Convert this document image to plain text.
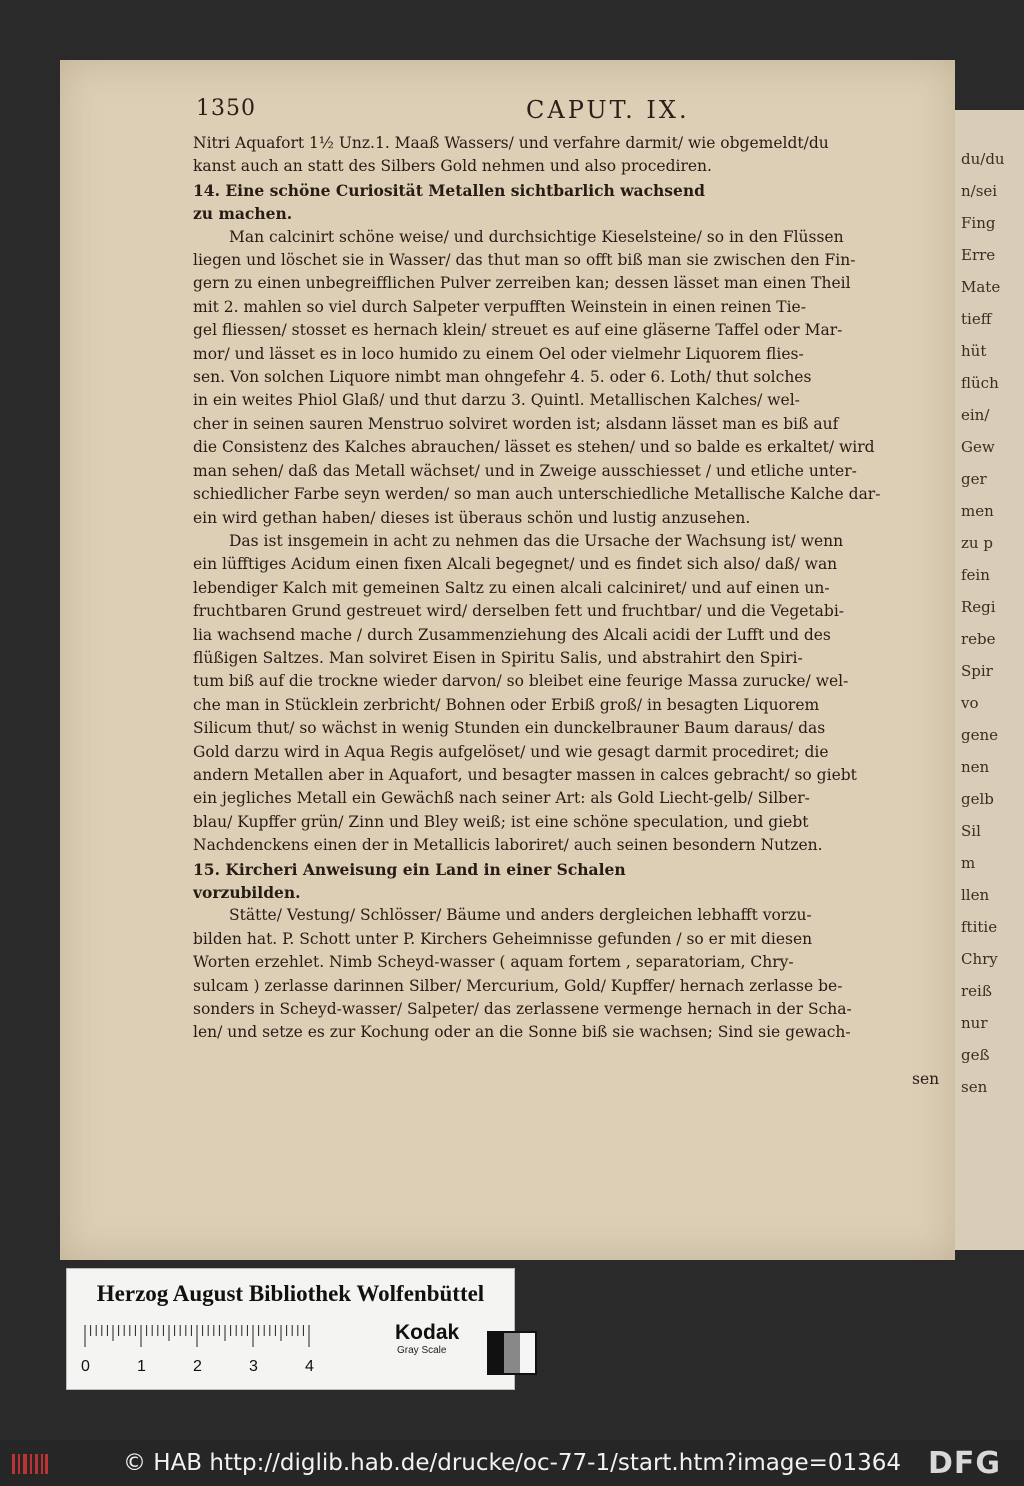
du/du
n/sei
Fing
Erre
Mate
tieff
hüt
flüch
ein/
Gew
ger
men
zu p
fein
Regi
rebe
Spir
vo
gene
nen
gelb
Sil
m
llen
ftitie
Chry
reiß
nur
geß
sen
1350	CAPUT. IX.

Nitri Aquafort 1½ Unz.1. Maaß Wassers/ und verfahre darmit/ wie obgemeldt/du
kanst auch an statt des Silbers Gold nehmen und also procediren.

14. Eine schöne Curiosität Metallen sichtbarlich wachsend
zu machen.

Man calcinirt schöne weise/ und durchsichtige Kieselsteine/ so in den Flüssen
liegen und löschet sie in Wasser/ das thut man so offt biß man sie zwischen den Fin-
gern zu einen unbegreifflichen Pulver zerreiben kan; dessen lässet man einen Theil
mit 2. mahlen so viel durch Salpeter verpufften Weinstein in einen reinen Tie-
gel fliessen/ stosset es hernach klein/ streuet es auf eine gläserne Taffel oder Mar-
mor/ und lässet es in loco humido zu einem Oel oder vielmehr Liquorem flies-
sen. Von solchen Liquore nimbt man ohngefehr 4. 5. oder 6. Loth/ thut solches
in ein weites Phiol Glaß/ und thut darzu 3. Quintl. Metallischen Kalches/ wel-
cher in seinen sauren Menstruo solviret worden ist; alsdann lässet man es biß auf
die Consistenz des Kalches abrauchen/ lässet es stehen/ und so balde es erkaltet/ wird
man sehen/ daß das Metall wächset/ und in Zweige ausschiesset / und etliche unter-
schiedlicher Farbe seyn werden/ so man auch unterschiedliche Metallische Kalche dar-
ein wird gethan haben/ dieses ist überaus schön und lustig anzusehen.

Das ist insgemein in acht zu nehmen das die Ursache der Wachsung ist/ wenn
ein lüfftiges Acidum einen fixen Alcali begegnet/ und es findet sich also/ daß/ wan
lebendiger Kalch mit gemeinen Saltz zu einen alcali calciniret/ und auf einen un-
fruchtbaren Grund gestreuet wird/ derselben fett und fruchtbar/ und die Vegetabi-
lia wachsend mache / durch Zusammenziehung des Alcali acidi der Lufft und des
flüßigen Saltzes. Man solviret Eisen in Spiritu Salis, und abstrahirt den Spiri-
tum biß auf die trockne wieder darvon/ so bleibet eine feurige Massa zurucke/ wel-
che man in Stücklein zerbricht/ Bohnen oder Erbiß groß/ in besagten Liquorem
Silicum thut/ so wächst in wenig Stunden ein dunckelbrauner Baum daraus/ das
Gold darzu wird in Aqua Regis aufgelöset/ und wie gesagt darmit procediret; die
andern Metallen aber in Aquafort, und besagter massen in calces gebracht/ so giebt
ein jegliches Metall ein Gewächß nach seiner Art: als Gold Liecht-gelb/ Silber-
blau/ Kupffer grün/ Zinn und Bley weiß; ist eine schöne speculation, und giebt
Nachdenckens einen der in Metallicis laboriret/ auch seinen besondern Nutzen.

15. Kircheri Anweisung ein Land in einer Schalen
vorzubilden.

Stätte/ Vestung/ Schlösser/ Bäume und anders dergleichen lebhafft vorzu-
bilden hat. P. Schott unter P. Kirchers Geheimnisse gefunden / so er mit diesen
Worten erzehlet. Nimb Scheyd-wasser ( aquam fortem , separatoriam, Chry-
sulcam ) zerlasse darinnen Silber/ Mercurium, Gold/ Kupffer/ hernach zerlasse be-
sonders in Scheyd-wasser/ Salpeter/ das zerlassene vermenge hernach in der Scha-
len/ und setze es zur Kochung oder an die Sonne biß sie wachsen; Sind sie gewach-

sen
Herzog August Bibliothek Wolfenbüttel
0	1	2	3	4
Kodak
Gray Scale
© HAB http://diglib.hab.de/drucke/oc-77-1/start.htm?image=01364 DFG
